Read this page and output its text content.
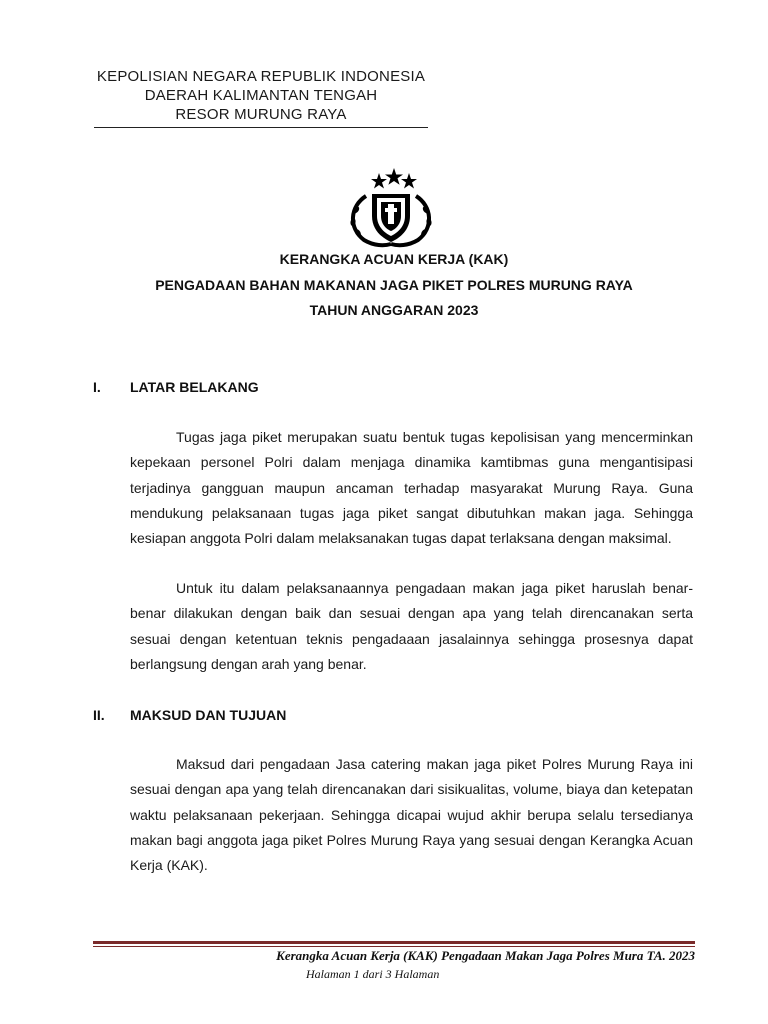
KEPOLISIAN NEGARA REPUBLIK INDONESIA
DAERAH KALIMANTAN TENGAH
RESOR MURUNG RAYA
KERANGKA ACUAN KERJA (KAK)
PENGADAAN BAHAN MAKANAN JAGA PIKET POLRES MURUNG RAYA
TAHUN ANGGARAN 2023
I. LATAR BELAKANG

Tugas jaga piket merupakan suatu bentuk tugas kepolisisan yang mencerminkan kepekaan personel Polri dalam menjaga dinamika kamtibmas guna mengantisipasi terjadinya gangguan maupun ancaman terhadap masyarakat Murung Raya. Guna mendukung pelaksanaan tugas jaga piket sangat dibutuhkan makan jaga. Sehingga kesiapan anggota Polri dalam melaksanakan tugas dapat terlaksana dengan maksimal.

Untuk itu dalam pelaksanaannya pengadaan makan jaga piket haruslah benar-benar dilakukan dengan baik dan sesuai dengan apa yang telah direncanakan serta sesuai dengan ketentuan teknis pengadaaan jasalainnya sehingga prosesnya dapat berlangsung dengan arah yang benar.

II. MAKSUD DAN TUJUAN

Maksud dari pengadaan Jasa catering makan jaga piket Polres Murung Raya ini sesuai dengan apa yang telah direncanakan dari sisikualitas, volume, biaya dan ketepatan waktu pelaksanaan pekerjaan. Sehingga dicapai wujud akhir berupa selalu tersedianya makan bagi anggota jaga piket Polres Murung Raya yang sesuai dengan Kerangka Acuan Kerja (KAK).

Kerangka Acuan Kerja (KAK) Pengadaan Makan Jaga Polres Mura TA. 2023
Halaman 1 dari 3 Halaman
